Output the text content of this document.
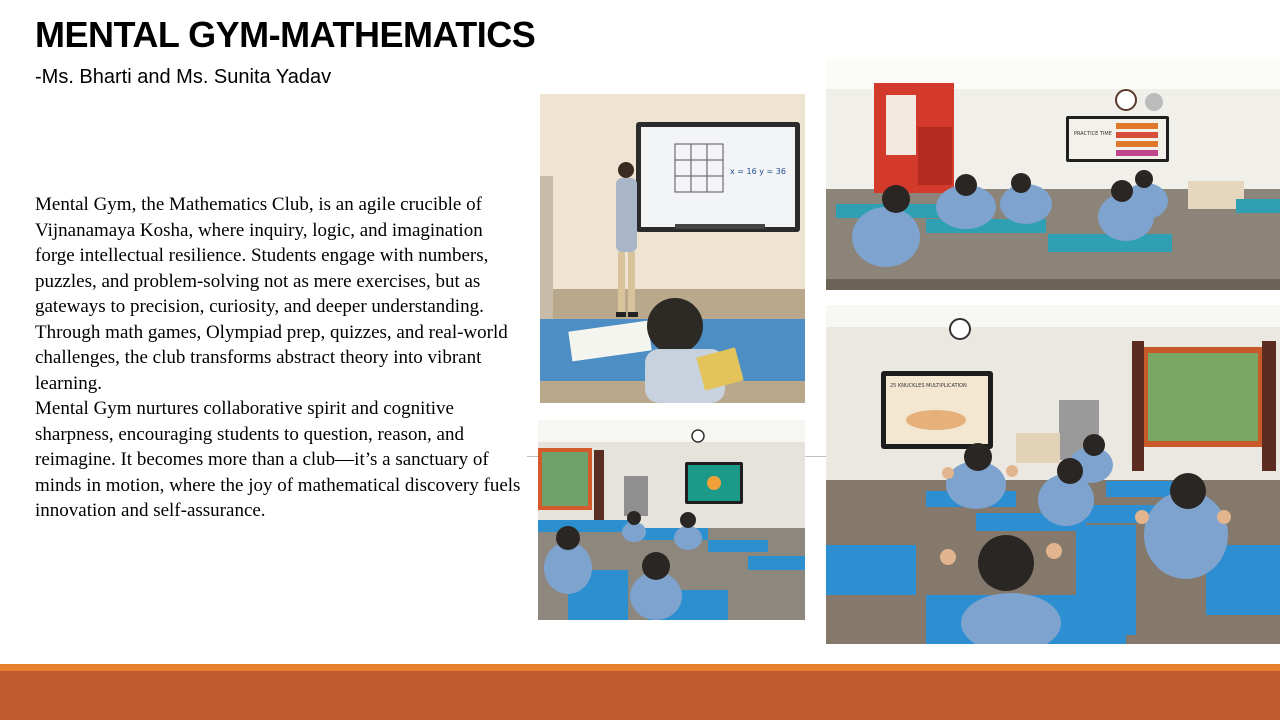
MENTAL GYM-MATHEMATICS
-Ms. Bharti and Ms. Sunita Yadav

Mental Gym, the Mathematics Club, is an agile crucible of Vijnanamaya Kosha, where inquiry, logic, and imagination forge intellectual resilience. Students engage with numbers, puzzles, and problem-solving not as mere exercises, but as gateways to precision, curiosity, and deeper understanding. Through math games, Olympiad prep, quizzes, and real-world challenges, the club transforms abstract theory into vibrant learning.

Mental Gym nurtures collaborative spirit and cognitive sharpness, encouraging students to question, reason, and reimagine. It becomes more than a club—it’s a sanctuary of minds in motion, where the joy of mathematical discovery fuels innovation and self-assurance.

x = 16 y = 36
PRACTICE TIME
25 KNUCKLES MULTIPLICATION
